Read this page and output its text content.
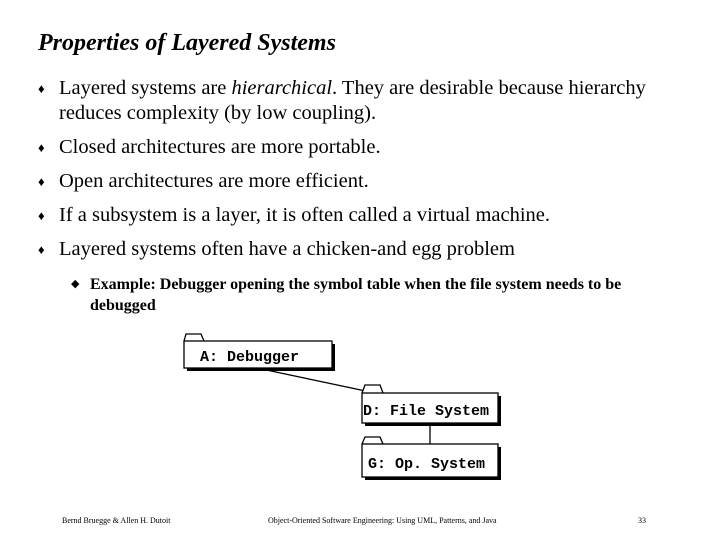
Properties of Layered Systems
♦ Layered systems are hierarchical. They are desirable because hierarchy reduces complexity (by low coupling).
♦ Closed architectures are more portable.
♦ Open architectures are more efficient.
♦ If a subsystem is a layer, it is often called a virtual machine.
♦ Layered systems often have a chicken-and egg problem
◆ Example: Debugger opening the symbol table when the file system needs to be debugged
A: Debugger
D: File System
G: Op. System
Bernd Bruegge & Allen H. Dutoit	Object-Oriented Software Engineering: Using UML, Patterns, and Java	33
